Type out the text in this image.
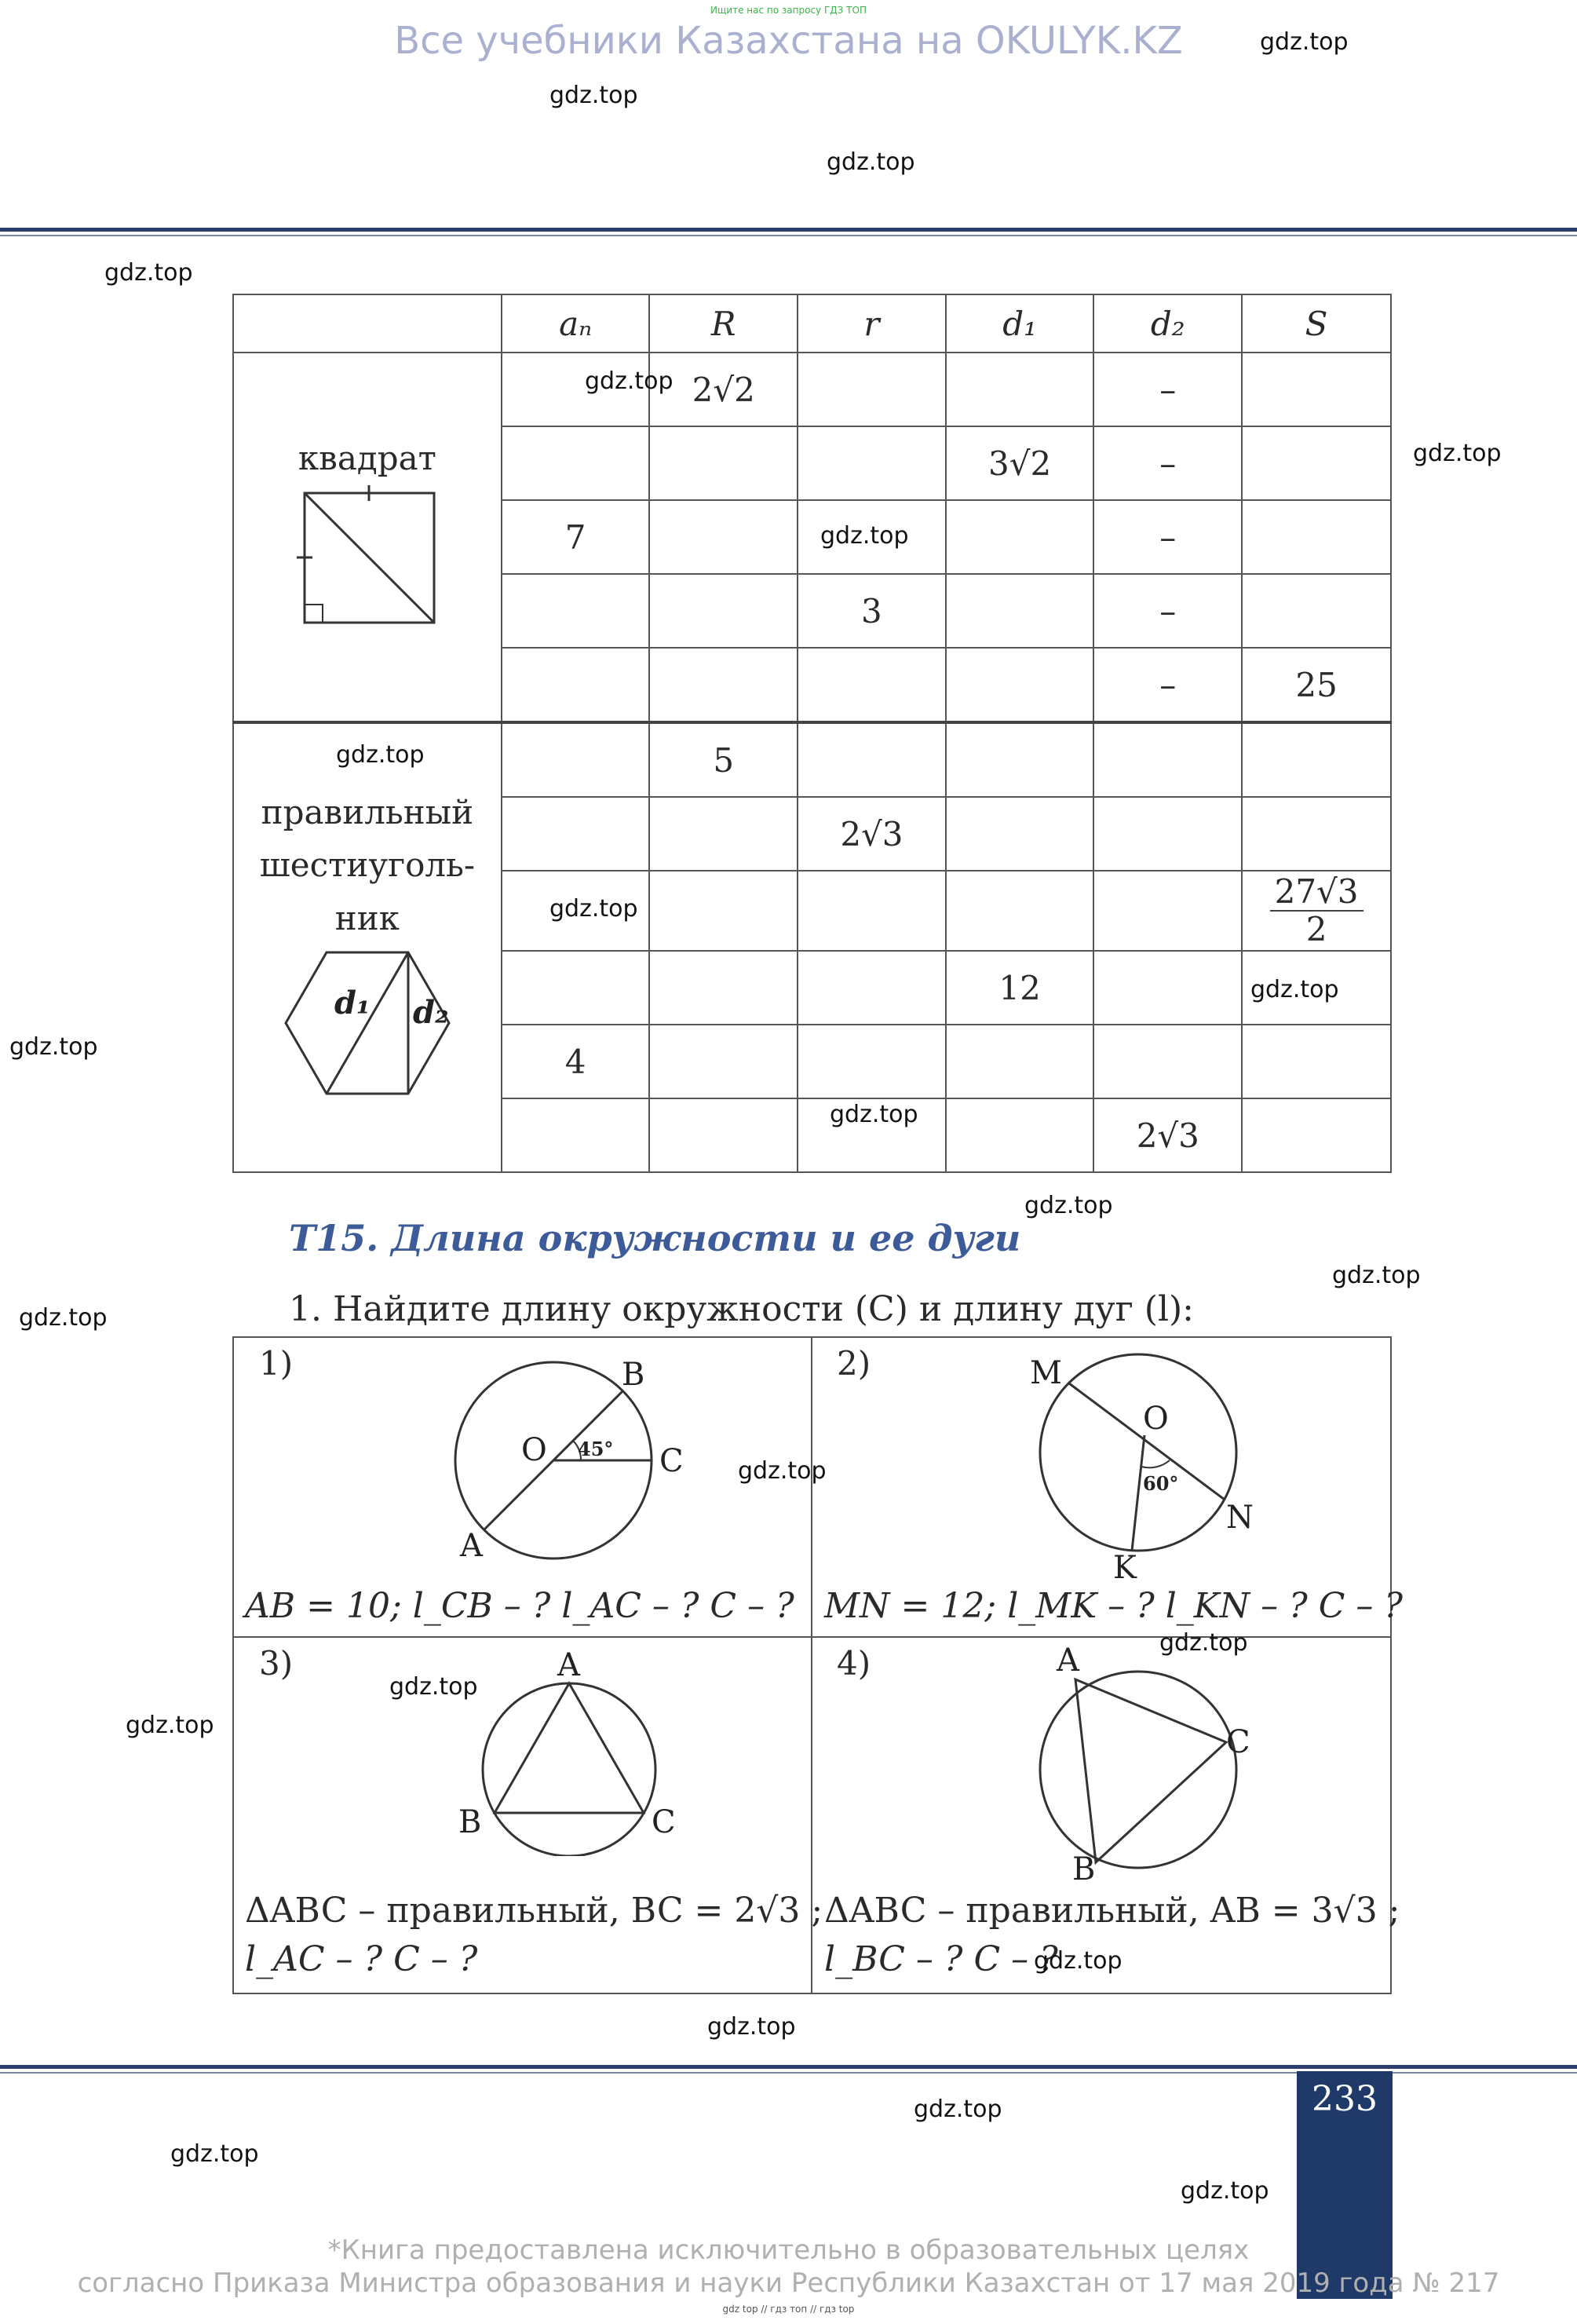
Ищите нас по запросу ГДЗ ТОП
Все учебники Казахстана на OKULYK.KZ	gdz.top
gdz.top
gdz.top
gdz.top
	aₙ	R	r	d₁	d₂	S

квадрат		2√2			–	
				3√2	–	
	7				–	
			3		–	
					–	25

правильный
шестиуголь-
ник
d₁ d₂		5				
			2√3			

						$\frac{27√3}{2}$

				12		
	4					
					2√3	
gdz.top
gdz.top
gdz.top
gdz.top
gdz.top
gdz.top
gdz.top
gdz.top
gdz.top
gdz.top
gdz.top
Т15. Длина окружности и ее дуги
1. Найдите длину окружности (C) и длину дуг (l):
1)
O 45°
B
C
A
AB = 10; l_CB – ? l_AC – ? C – ?
2)
O
60°
M
N
K
MN = 12; l_MK – ? l_KN – ? C – ?
3)	A
B	C
ΔABC – правильный, BC = 2√3 ;
l_AC – ? C – ?
4)	A
C
B
ΔABC – правильный, AB = 3√3 ;
l_BC – ? C – ?
gdz.top
gdz.top
gdz.top
gdz.top
gdz.top
gdz.top
233
gdz.top
gdz.top
gdz.top
*Книга предоставлена исключительно в образовательных целях
согласно Приказа Министра образования и науки Республики Казахстан от 17 мая 2019 года № 217
gdz top // гдз топ // гдз top
